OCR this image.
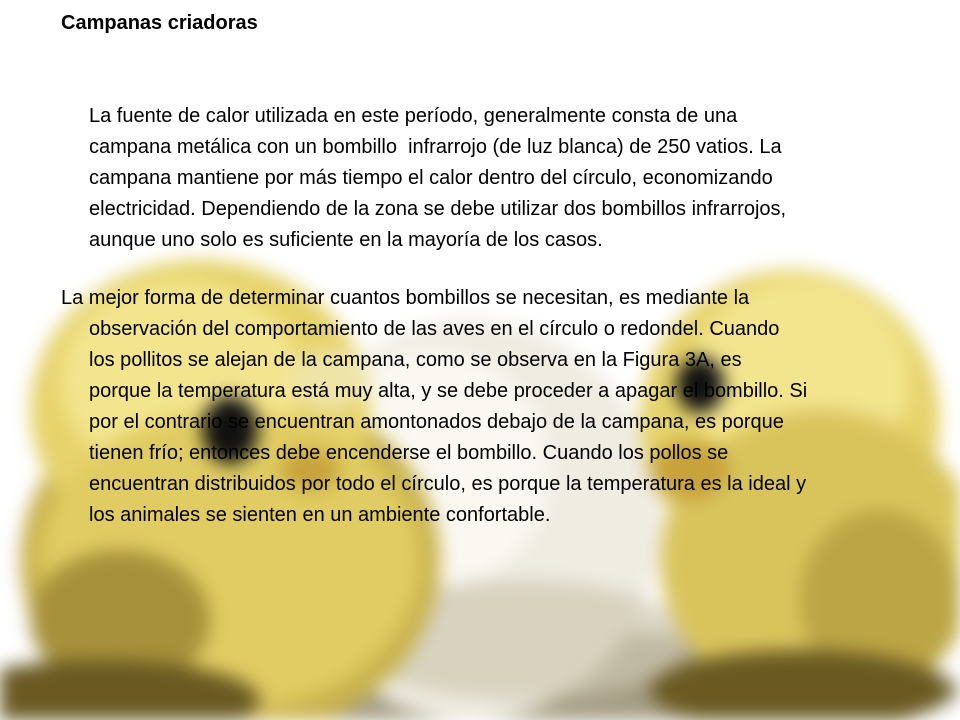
Campanas criadoras

La fuente de calor utilizada en este período, generalmente consta de una
campana metálica con un bombillo  infrarrojo (de luz blanca) de 250 vatios. La
campana mantiene por más tiempo el calor dentro del círculo, economizando
electricidad. Dependiendo de la zona se debe utilizar dos bombillos infrarrojos,
aunque uno solo es suficiente en la mayoría de los casos.

La mejor forma de determinar cuantos bombillos se necesitan, es mediante la
observación del comportamiento de las aves en el círculo o redondel. Cuando
los pollitos se alejan de la campana, como se observa en la Figura 3A, es
porque la temperatura está muy alta, y se debe proceder a apagar el bombillo. Si
por el contrario se encuentran amontonados debajo de la campana, es porque
tienen frío; entonces debe encenderse el bombillo. Cuando los pollos se
encuentran distribuidos por todo el círculo, es porque la temperatura es la ideal y
los animales se sienten en un ambiente confortable.
